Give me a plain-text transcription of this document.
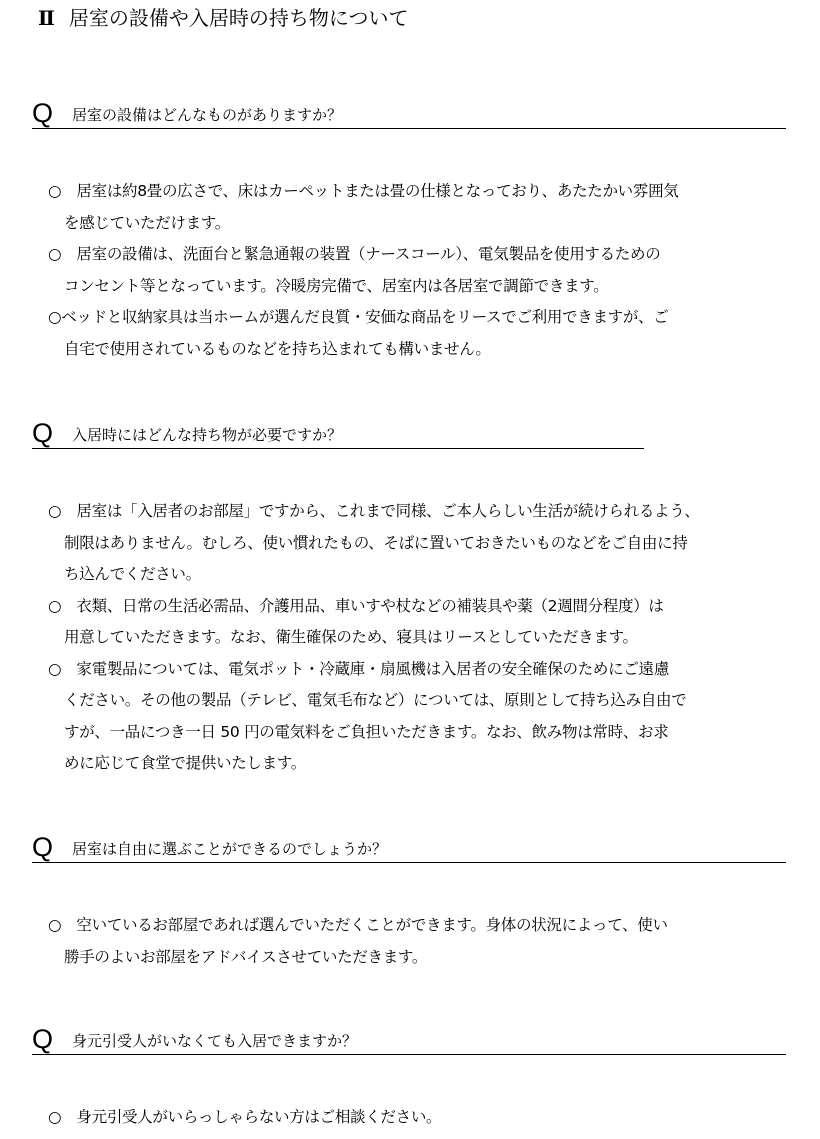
Ⅱ 居室の設備や入居時の持ち物について
Q 居室の設備はどんなものがありますか？
○　居室は約8畳の広さで、床はカーペットまたは畳の仕様となっており、あたたかい雰囲気
を感じていただけます。
○　居室の設備は、洗面台と緊急通報の装置（ナースコール）、電気製品を使用するための
コンセント等となっています。冷暖房完備で、居室内は各居室で調節できます。
○ベッドと収納家具は当ホームが選んだ良質・安価な商品をリースでご利用できますが、ご
自宅で使用されているものなどを持ち込まれても構いません。
Q 入居時にはどんな持ち物が必要ですか？
○　居室は「入居者のお部屋」ですから、これまで同様、ご本人らしい生活が続けられるよう、
制限はありません。むしろ、使い慣れたもの、そばに置いておきたいものなどをご自由に持
ち込んでください。
○　衣類、日常の生活必需品、介護用品、車いすや杖などの補装具や薬（2週間分程度）は
用意していただきます。なお、衛生確保のため、寝具はリースとしていただきます。
○　家電製品については、電気ポット・冷蔵庫・扇風機は入居者の安全確保のためにご遠慮
ください。その他の製品（テレビ、電気毛布など）については、原則として持ち込み自由で
すが、一品につき一日 50 円の電気料をご負担いただきます。なお、飲み物は常時、お求
めに応じて食堂で提供いたします。
Q 居室は自由に選ぶことができるのでしょうか？
○　空いているお部屋であれば選んでいただくことができます。身体の状況によって、使い
勝手のよいお部屋をアドバイスさせていただきます。
Q 身元引受人がいなくても入居できますか？
○　身元引受人がいらっしゃらない方はご相談ください。
